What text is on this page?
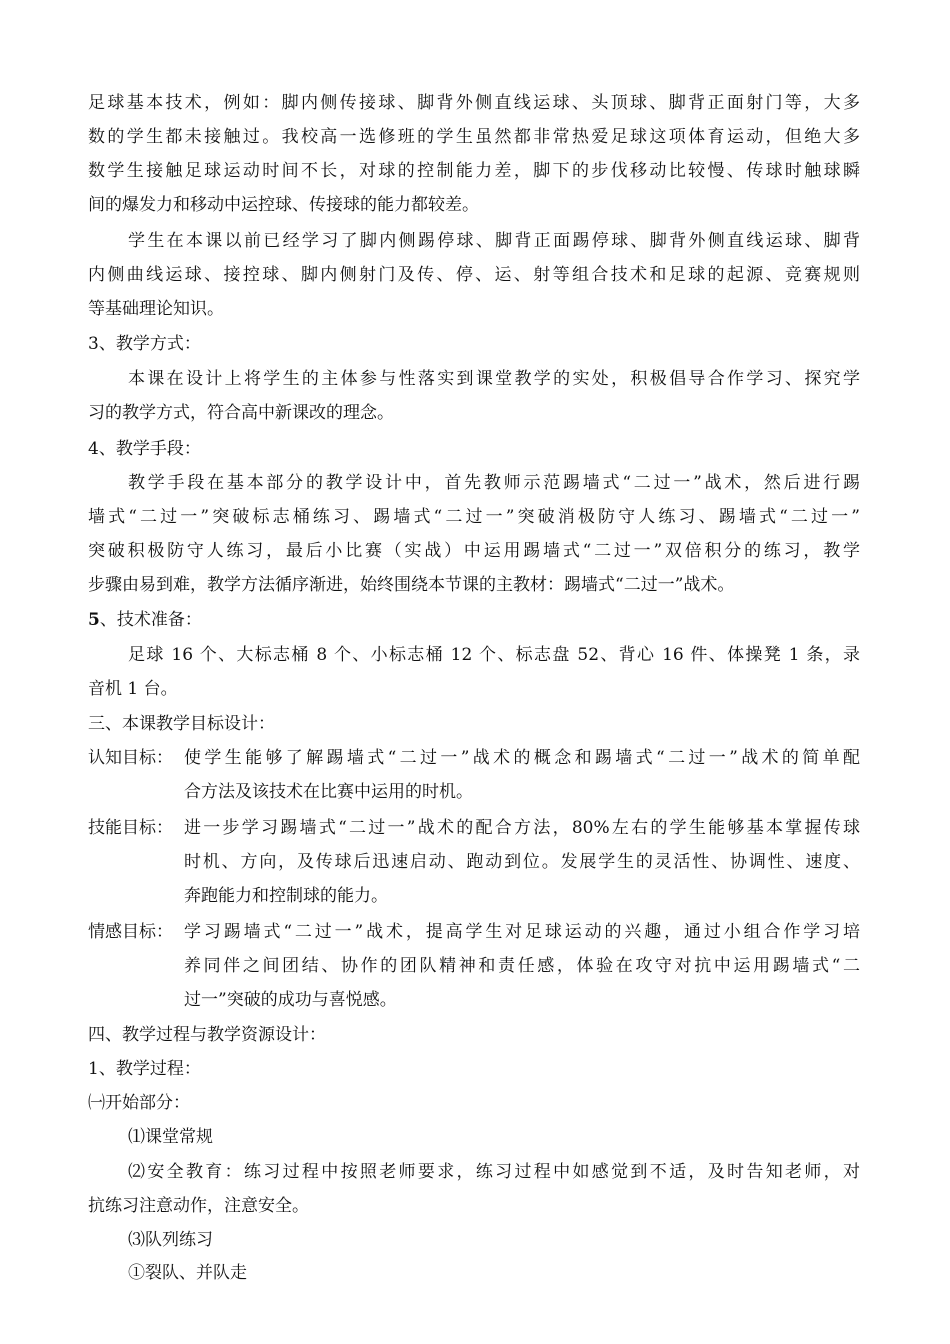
足球基本技术，例如：脚内侧传接球、脚背外侧直线运球、头顶球、脚背正面射门等，大多
数的学生都未接触过。我校高一选修班的学生虽然都非常热爱足球这项体育运动，但绝大多
数学生接触足球运动时间不长，对球的控制能力差，脚下的步伐移动比较慢、传球时触球瞬
间的爆发力和移动中运控球、传接球的能力都较差。
学生在本课以前已经学习了脚内侧踢停球、脚背正面踢停球、脚背外侧直线运球、脚背
内侧曲线运球、接控球、脚内侧射门及传、停、运、射等组合技术和足球的起源、竞赛规则
等基础理论知识。
3、教学方式：
本课在设计上将学生的主体参与性落实到课堂教学的实处，积极倡导合作学习、探究学
习的教学方式，符合高中新课改的理念。
4、教学手段：
教学手段在基本部分的教学设计中，首先教师示范踢墙式“二过一”战术，然后进行踢
墙式“二过一”突破标志桶练习、踢墙式“二过一”突破消极防守人练习、踢墙式“二过一”
突破积极防守人练习，最后小比赛（实战）中运用踢墙式“二过一”双倍积分的练习，教学
步骤由易到难，教学方法循序渐进，始终围绕本节课的主教材：踢墙式“二过一”战术。
5、技术准备：
足球 16 个、大标志桶 8 个、小标志桶 12 个、标志盘 52、背心 16 件、体操凳 1 条，录
音机 1 台。
三、本课教学目标设计：
认知目标： 使学生能够了解踢墙式“二过一”战术的概念和踢墙式“二过一”战术的简单配
合方法及该技术在比赛中运用的时机。
技能目标： 进一步学习踢墙式“二过一”战术的配合方法，80%左右的学生能够基本掌握传球
时机、方向，及传球后迅速启动、跑动到位。发展学生的灵活性、协调性、速度、
奔跑能力和控制球的能力。
情感目标： 学习踢墙式“二过一”战术，提高学生对足球运动的兴趣，通过小组合作学习培
养同伴之间团结、协作的团队精神和责任感，体验在攻守对抗中运用踢墙式“二
过一”突破的成功与喜悦感。
四、教学过程与教学资源设计：
1、教学过程：
㈠开始部分：
⑴课堂常规
⑵安全教育：练习过程中按照老师要求，练习过程中如感觉到不适，及时告知老师，对
抗练习注意动作，注意安全。
⑶队列练习
①裂队、并队走
